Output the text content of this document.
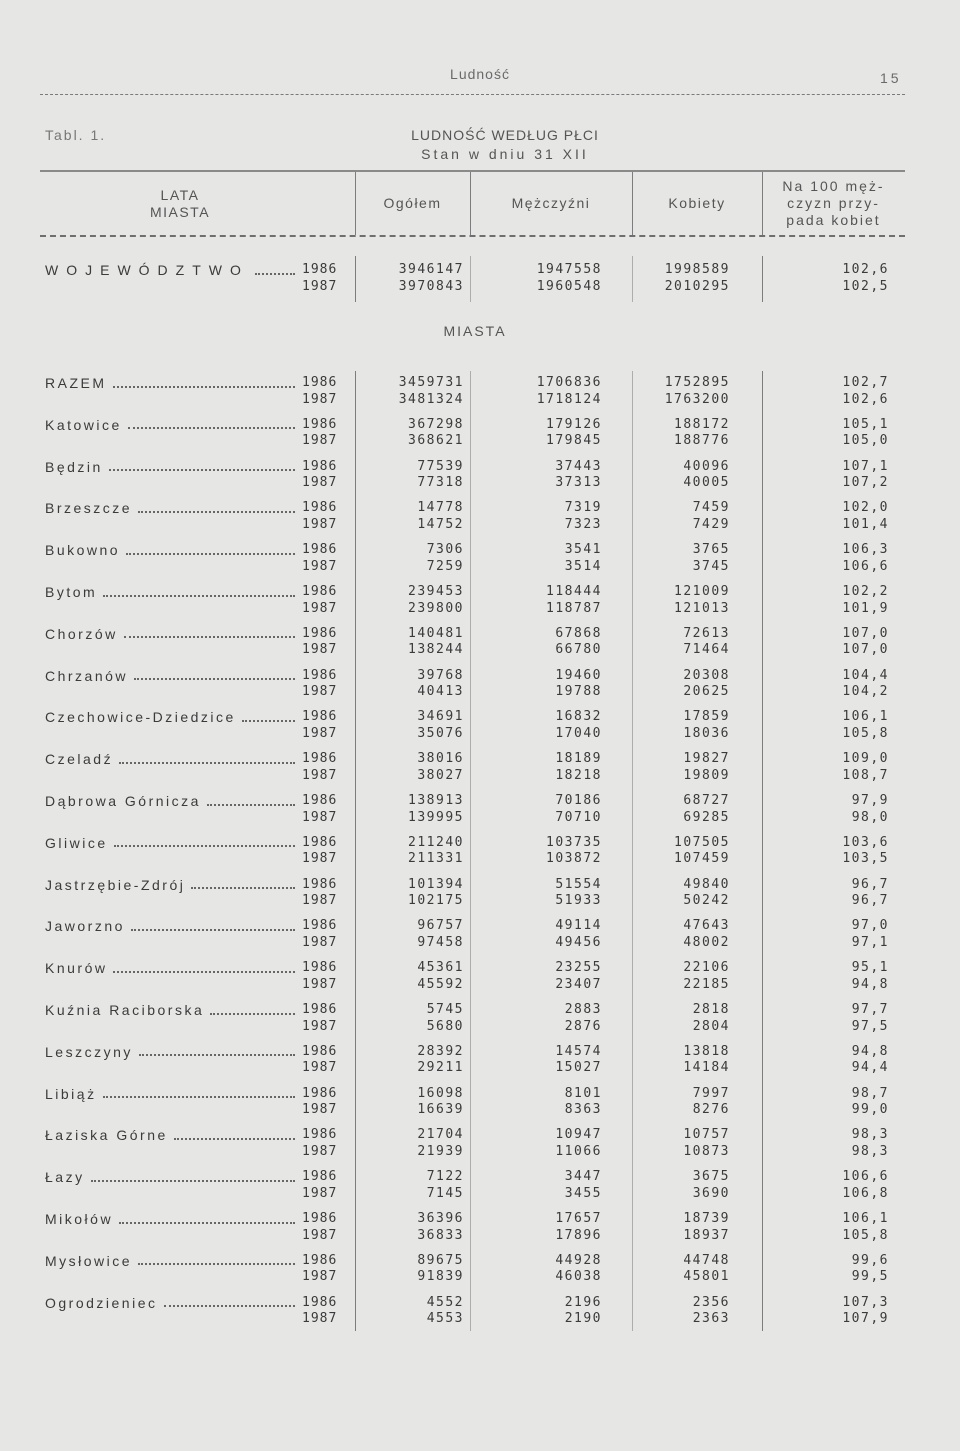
Ludność	15
Tabl. 1.	LUDNOŚĆ WEDŁUG PŁCI
Stan w dniu 31 XII
LATA
MIASTA
Ogółem	Mężczyźni	Kobiety
Na 100 męż-
czyzn przy-
pada kobiet
MIASTA
WOJEWÓDZTWO	1986	3946147	1947558	1998589	102,6
1987	3970843	1960548	2010295	102,5
RAZEM	1986	3459731	1706836	1752895	102,7
1987	3481324	1718124	1763200	102,6
Katowice	1986	367298	179126	188172	105,1
1987	368621	179845	188776	105,0
Będzin	1986	77539	37443	40096	107,1
1987	77318	37313	40005	107,2
Brzeszcze	1986	14778	7319	7459	102,0
1987	14752	7323	7429	101,4
Bukowno	1986	7306	3541	3765	106,3
1987	7259	3514	3745	106,6
Bytom	1986	239453	118444	121009	102,2
1987	239800	118787	121013	101,9
Chorzów	1986	140481	67868	72613	107,0
1987	138244	66780	71464	107,0
Chrzanów	1986	39768	19460	20308	104,4
1987	40413	19788	20625	104,2
Czechowice-Dziedzice	1986	34691	16832	17859	106,1
1987	35076	17040	18036	105,8
Czeladź	1986	38016	18189	19827	109,0
1987	38027	18218	19809	108,7
Dąbrowa Górnicza	1986	138913	70186	68727	97,9
1987	139995	70710	69285	98,0
Gliwice	1986	211240	103735	107505	103,6
1987	211331	103872	107459	103,5
Jastrzębie-Zdrój	1986	101394	51554	49840	96,7
1987	102175	51933	50242	96,7
Jaworzno	1986	96757	49114	47643	97,0
1987	97458	49456	48002	97,1
Knurów	1986	45361	23255	22106	95,1
1987	45592	23407	22185	94,8
Kuźnia Raciborska	1986	5745	2883	2818	97,7
1987	5680	2876	2804	97,5
Leszczyny	1986	28392	14574	13818	94,8
1987	29211	15027	14184	94,4
Libiąż	1986	16098	8101	7997	98,7
1987	16639	8363	8276	99,0
Łaziska Górne	1986	21704	10947	10757	98,3
1987	21939	11066	10873	98,3
Łazy	1986	7122	3447	3675	106,6
1987	7145	3455	3690	106,8
Mikołów	1986	36396	17657	18739	106,1
1987	36833	17896	18937	105,8
Mysłowice	1986	89675	44928	44748	99,6
1987	91839	46038	45801	99,5
Ogrodzieniec	1986	4552	2196	2356	107,3
1987	4553	2190	2363	107,9
